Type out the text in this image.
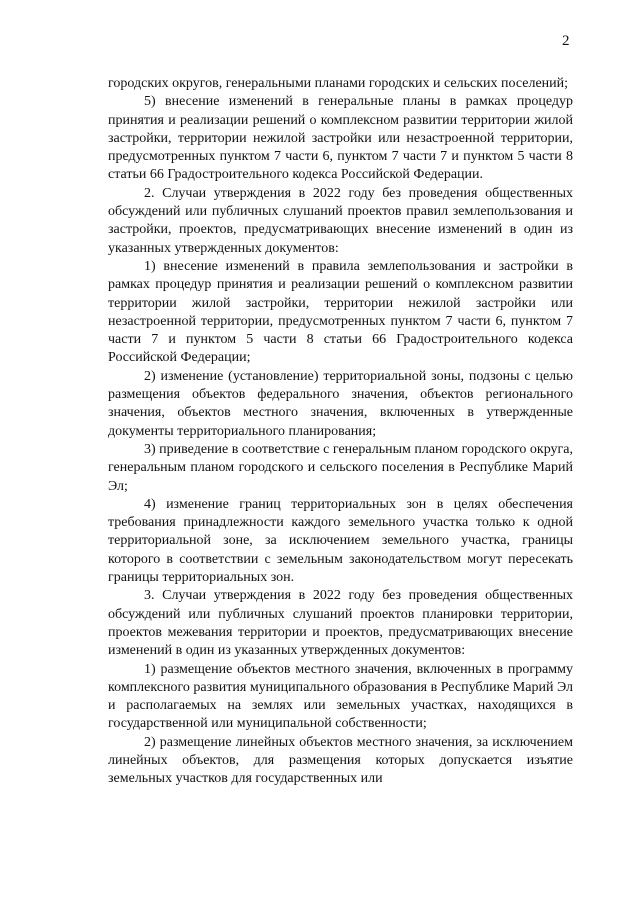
2

городских округов, генеральными планами городских и сельских поселений;

5) внесение изменений в генеральные планы в рамках процедур принятия и реализации решений о комплексном развитии территории жилой застройки, территории нежилой застройки или незастроенной территории, предусмотренных пунктом 7 части 6, пунктом 7 части 7 и пунктом 5 части 8 статьи 66 Градостроительного кодекса Российской Федерации.

2. Случаи утверждения в 2022 году без проведения общественных обсуждений или публичных слушаний проектов правил землепользования и застройки, проектов, предусматривающих внесение изменений в один из указанных утвержденных документов:

1) внесение изменений в правила землепользования и застройки в рамках процедур принятия и реализации решений о комплексном развитии территории жилой застройки, территории нежилой застройки или незастроенной территории, предусмотренных пунктом 7 части 6, пунктом 7 части 7 и пунктом 5 части 8 статьи 66 Градостроительного кодекса Российской Федерации;

2) изменение (установление) территориальной зоны, подзоны с целью размещения объектов федерального значения, объектов регионального значения, объектов местного значения, включенных в утвержденные документы территориального планирования;

3) приведение в соответствие с генеральным планом городского округа, генеральным планом городского и сельского поселения в Республике Марий Эл;

4) изменение границ территориальных зон в целях обеспечения требования принадлежности каждого земельного участка только к одной территориальной зоне, за исключением земельного участка, границы которого в соответствии с земельным законодательством могут пересекать границы территориальных зон.

3. Случаи утверждения в 2022 году без проведения общественных обсуждений или публичных слушаний проектов планировки территории, проектов межевания территории и проектов, предусматривающих внесение изменений в один из указанных утвержденных документов:

1) размещение объектов местного значения, включенных в программу комплексного развития муниципального образования в Республике Марий Эл и располагаемых на землях или земельных участках, находящихся в государственной или муниципальной собственности;

2) размещение линейных объектов местного значения, за исключением линейных объектов, для размещения которых допускается изъятие земельных участков для государственных или
